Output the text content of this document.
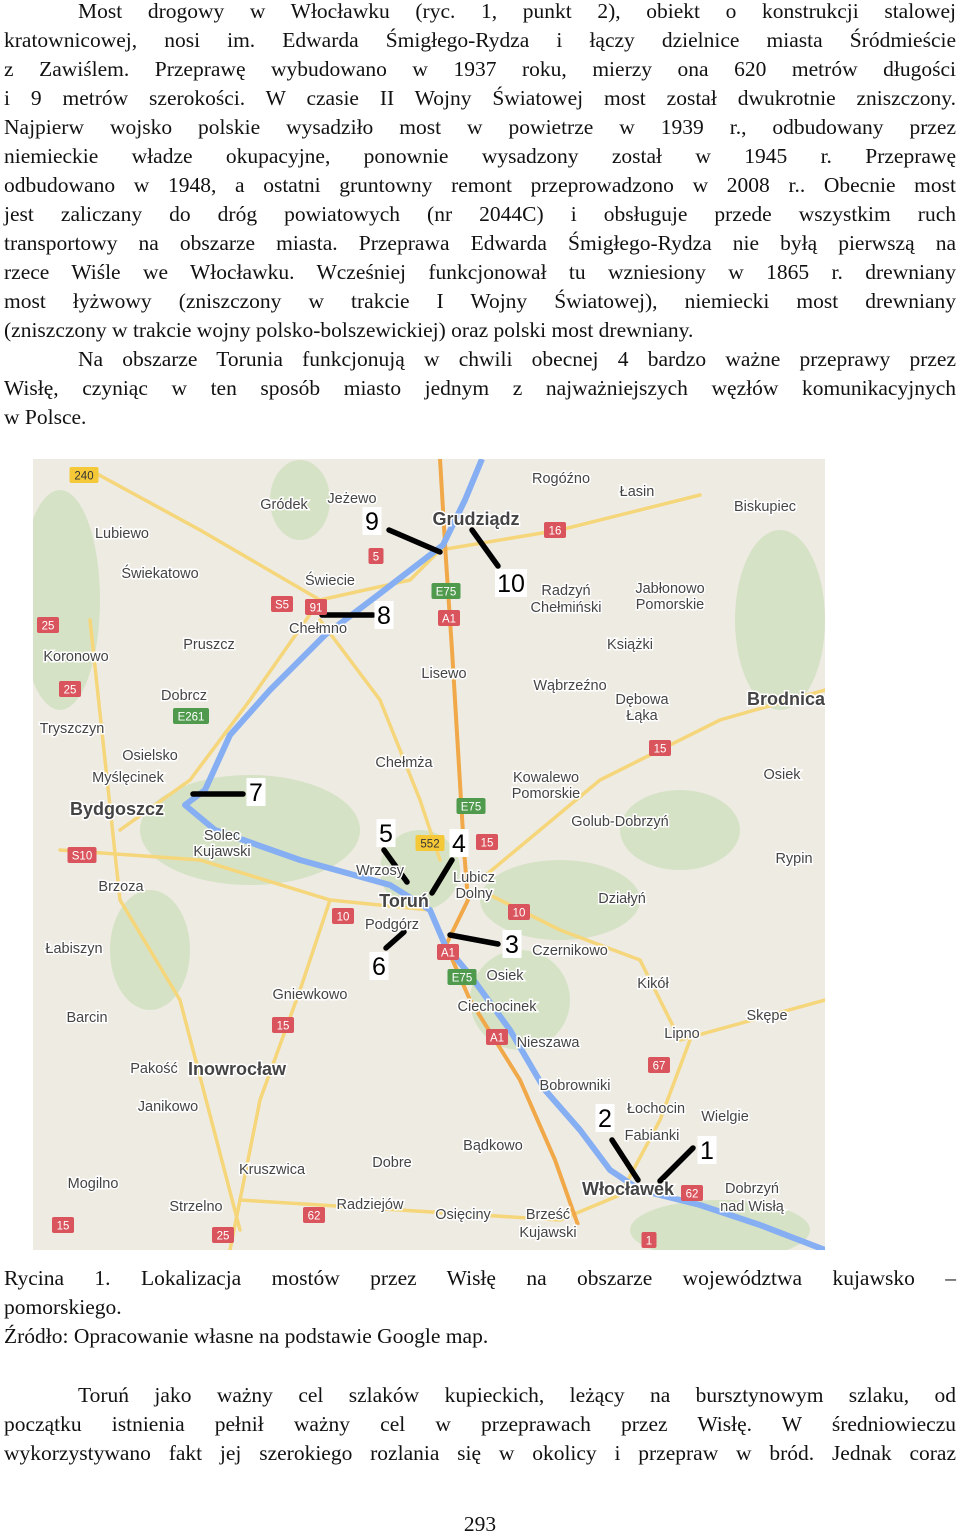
Most drogowy w Włocławku (ryc. 1, punkt 2), obiekt o konstrukcji stalowej
kratownicowej, nosi im. Edwarda Śmigłego-Rydza i łączy dzielnice miasta Śródmieście
z Zawiślem. Przeprawę wybudowano w 1937 roku, mierzy ona 620 metrów długości
i 9 metrów szerokości. W czasie II Wojny Światowej most został dwukrotnie zniszczony.
Najpierw wojsko polskie wysadziło most w powietrze w 1939 r., odbudowany przez
niemieckie władze okupacyjne, ponownie wysadzony został w 1945 r. Przeprawę
odbudowano w 1948, a ostatni gruntowny remont przeprowadzono w 2008 r.. Obecnie most
jest zaliczany do dróg powiatowych (nr 2044C) i obsługuje przede wszystkim ruch
transportowy na obszarze miasta. Przeprawa Edwarda Śmigłego-Rydza nie byłą pierwszą na
rzece Wiśle we Włocławku. Wcześniej funkcjonował tu wzniesiony w 1865 r. drewniany
most łyżwowy (zniszczony w trakcie I Wojny Światowej), niemiecki most drewniany
(zniszczony w trakcie wojny polsko-bolszewickiej) oraz polski most drewniany.
Na obszarze Torunia funkcjonują w chwili obecnej 4 bardzo ważne przeprawy przez
Wisłę, czyniąc w ten sposób miasto jednym z najważniejszych węzłów komunikacyjnych
w Polsce.
9
10
8
7
5 4
6
3
2
1
240
5
16
S5 91
E75
A1
25
25
E261
15
E75
552	15
S10
10	10
A1
E75
A1
15
67
62
62
15
25	1
Gródek Jeżewo
Grudziądz
Rogóźno
Łasin
Biskupiec
Lubiewo
Świekatowo	Świecie
Radzyń
Chełmiński
Jabłonowo
Pomorskie
Chełmno
Pruszcz
Koronowo
Książki
Lisewo
Wąbrzeźno
Dębowa
Łąka
Brodnica
Dobrcz
Tryszczyn
Osielsko
Myślęcinek
Chełmża
Kowalewo
Pomorskie
Osiek
Bydgoszcz
Golub-Dobrzyń
Solec
Kujawski
Wrzosy	Lubicz
Dolny
Rypin
Brzoza
Toruń	Działyń
Podgórz
Łabiszyn	Czernikowo
Osiek	Kikół
Gniewkowo
Ciechocinek
Barcin	Skępe
Lipno
Nieszawa
Pakość Inowrocław
Bobrowniki
Janikowo	Łochocin Wielgie
Fabianki
Bądkowo
Dobre
Kruszwica
Mogilno	Włocławek	Dobrzyń
nad Wisłą
Strzelno	Radziejów
Osięciny Brześć
Kujawski
Rycina 1. Lokalizacja mostów przez Wisłę na obszarze województwa kujawsko –
pomorskiego.
Źródło: Opracowanie własne na podstawie Google map.
Toruń jako ważny cel szlaków kupieckich, leżący na bursztynowym szlaku, od
początku istnienia pełnił ważny cel w przeprawach przez Wisłę. W średniowieczu
wykorzystywano fakt jej szerokiego rozlania się w okolicy i przepraw w bród. Jednak coraz
293
